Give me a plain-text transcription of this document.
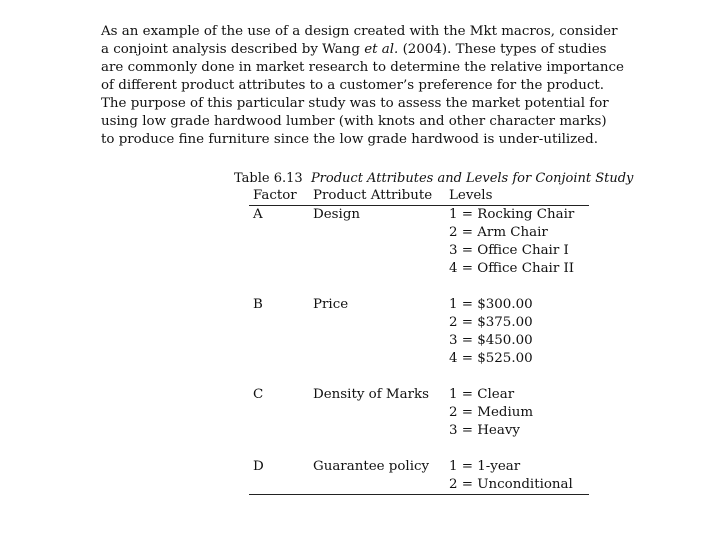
As an example of the use of a design created with the Mkt macros, consider
a conjoint analysis described by Wang et al. (2004). These types of studies
are commonly done in market research to determine the relative importance
of different product attributes to a customer’s preference for the product.
The purpose of this particular study was to assess the market potential for
using low grade hardwood lumber (with knots and other character marks)
to produce fine furniture since the low grade hardwood is under-utilized.

Table 6.13 Product Attributes and Levels for Conjoint Study
Factor	Product Attribute	Levels
A	Design	1 = Rocking Chair
2 = Arm Chair
3 = Office Chair I
4 = Office Chair II

B	Price	1 = $300.00
2 = $375.00
3 = $450.00
4 = $525.00

C	Density of Marks	1 = Clear
2 = Medium
3 = Heavy

D	Guarantee policy	1 = 1-year
2 = Unconditional
